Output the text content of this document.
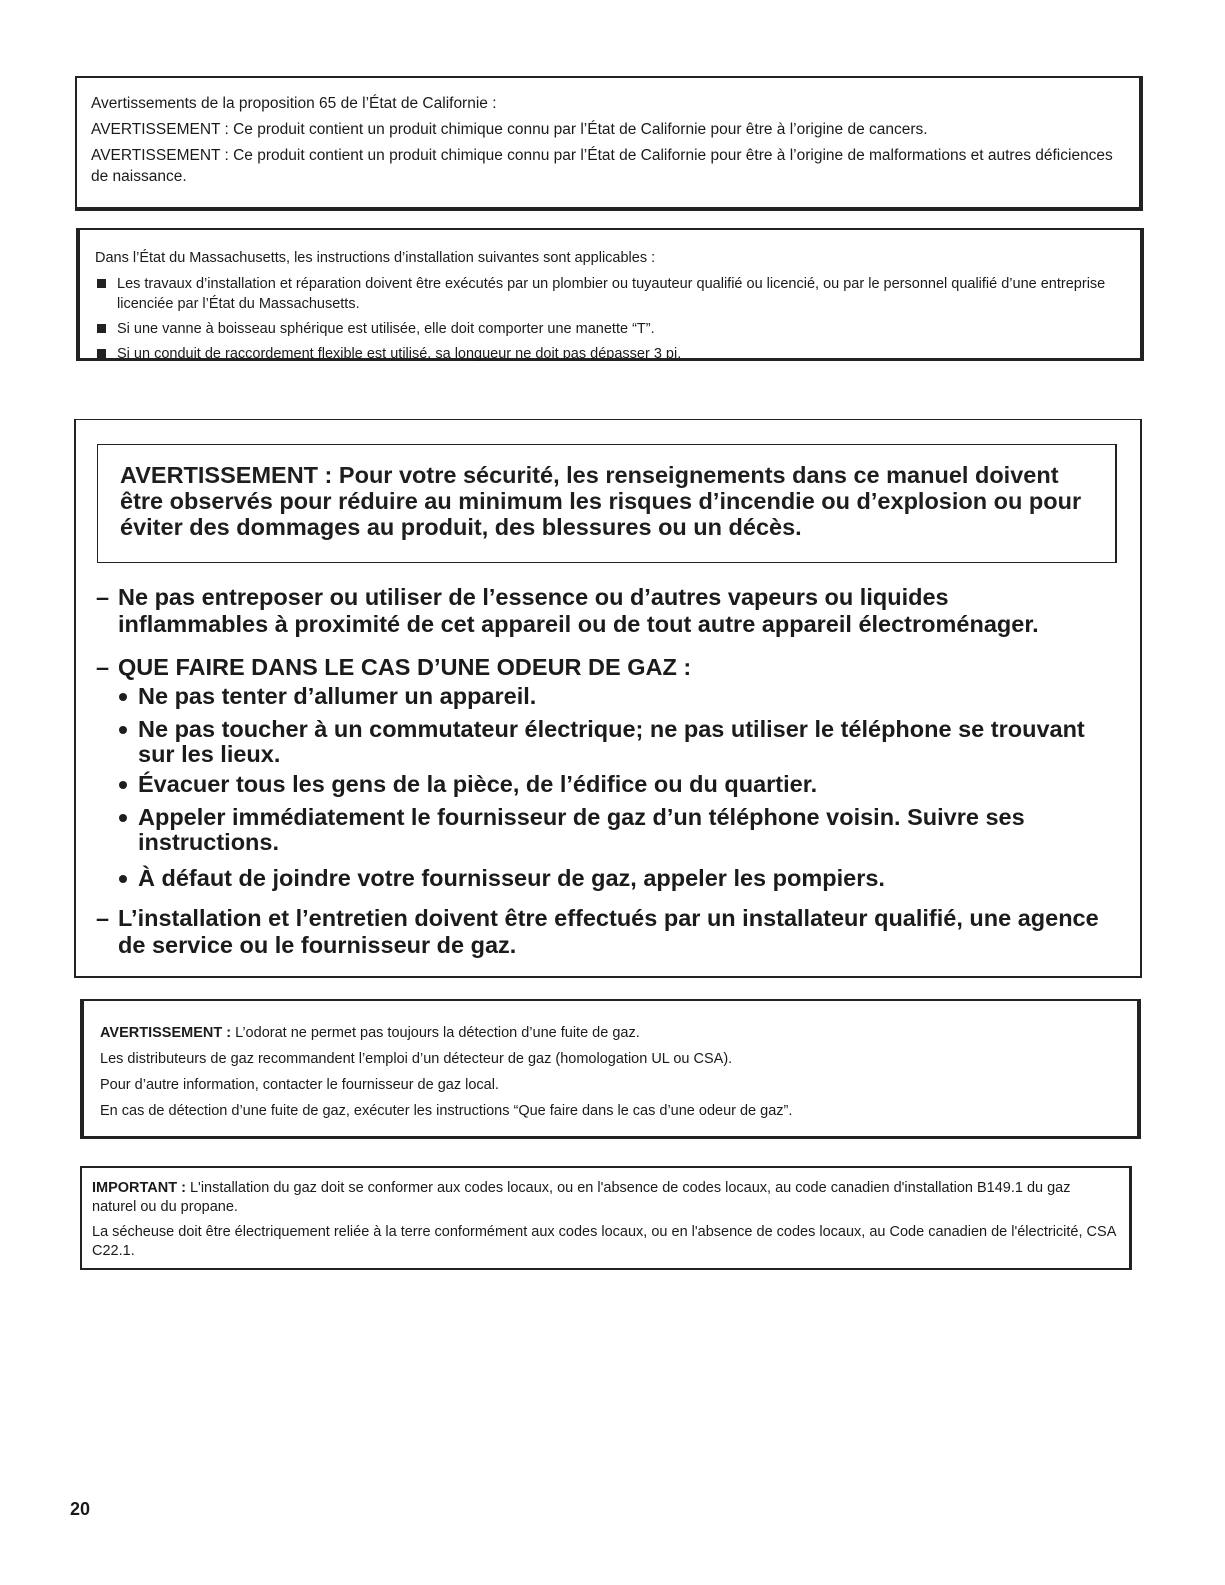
Avertissements de la proposition 65 de l’État de Californie :

AVERTISSEMENT : Ce produit contient un produit chimique connu par l’État de Californie pour être à l’origine de cancers.

AVERTISSEMENT : Ce produit contient un produit chimique connu par l’État de Californie pour être à l’origine de malformations et autres déficiences de naissance.

Dans l’État du Massachusetts, les instructions d’installation suivantes sont applicables :

Les travaux d’installation et réparation doivent être exécutés par un plombier ou tuyauteur qualifié ou licencié, ou par le personnel qualifié d’une entreprise licenciée par l’État du Massachusetts.
Si une vanne à boisseau sphérique est utilisée, elle doit comporter une manette “T”.
Si un conduit de raccordement flexible est utilisé, sa longueur ne doit pas dépasser 3 pi.
AVERTISSEMENT : Pour votre sécurité, les renseignements dans ce manuel doivent être observés pour réduire au minimum les risques d’incendie ou d’explosion ou pour éviter des dommages au produit, des blessures ou un décès.
– Ne pas entreposer ou utiliser de l’essence ou d’autres vapeurs ou liquides inflammables à proximité de cet appareil ou de tout autre appareil électroménager.
– QUE FAIRE DANS LE CAS D’UNE ODEUR DE GAZ :
Ne pas tenter d’allumer un appareil.
Ne pas toucher à un commutateur électrique; ne pas utiliser le téléphone se trouvant sur les lieux.
Évacuer tous les gens de la pièce, de l’édifice ou du quartier.
Appeler immédiatement le fournisseur de gaz d’un téléphone voisin. Suivre ses instructions.
À défaut de joindre votre fournisseur de gaz, appeler les pompiers.
– L’installation et l’entretien doivent être effectués par un installateur qualifié, une agence de service ou le fournisseur de gaz.

AVERTISSEMENT : L’odorat ne permet pas toujours la détection d’une fuite de gaz.

Les distributeurs de gaz recommandent l’emploi d’un détecteur de gaz (homologation UL ou CSA).

Pour d’autre information, contacter le fournisseur de gaz local.

En cas de détection d’une fuite de gaz, exécuter les instructions “Que faire dans le cas d’une odeur de gaz”.

IMPORTANT : L'installation du gaz doit se conformer aux codes locaux, ou en l'absence de codes locaux, au code canadien d'installation B149.1 du gaz naturel ou du propane.

La sécheuse doit être électriquement reliée à la terre conformément aux codes locaux, ou en l'absence de codes locaux, au Code canadien de l'électricité, CSA C22.1.

20
